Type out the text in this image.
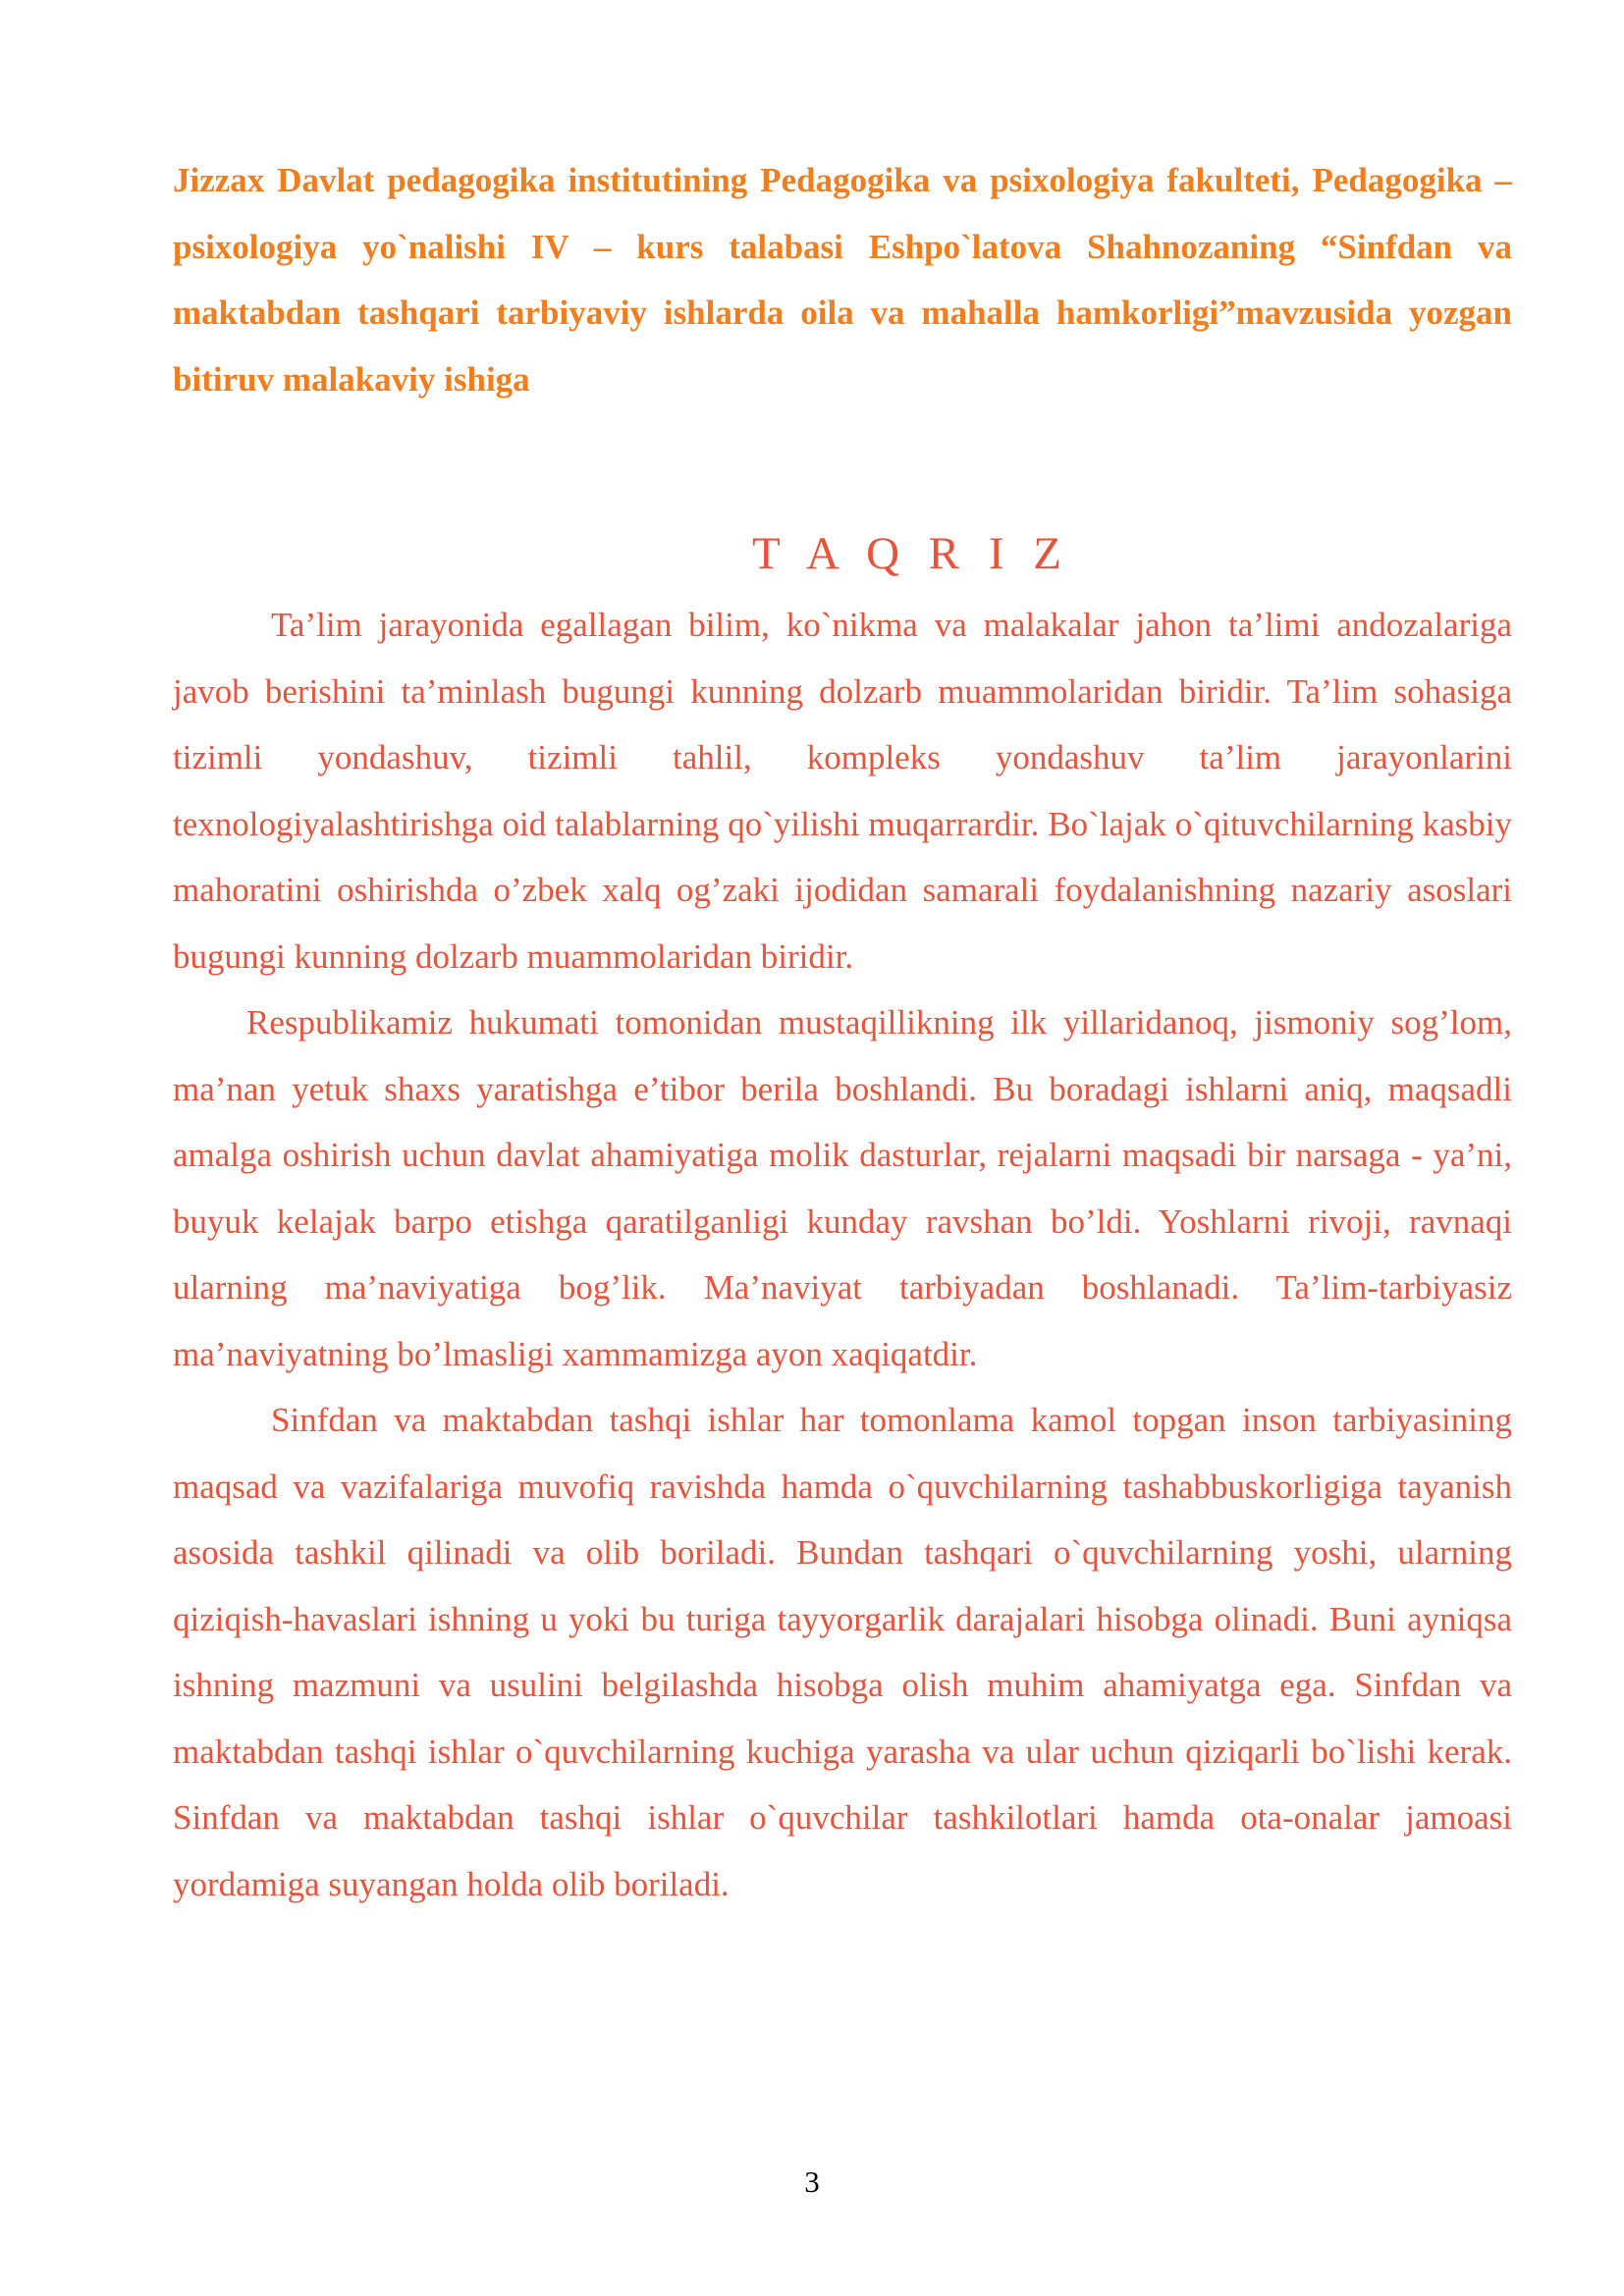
Jizzax Davlat pedagogika institutining Pedagogika va psixologiya fakulteti, Pedagogika – psixologiya yo`nalishi IV – kurs talabasi Eshpo`latova Shahnozaning “Sinfdan va maktabdan tashqari tarbiyaviy ishlarda oila va mahalla hamkorligi”mavzusida yozgan bitiruv malakaviy ishiga

T A Q R I Z

Ta’lim jarayonida egallagan bilim, ko`nikma va malakalar jahon ta’limi andozalariga javob berishini ta’minlash bugungi kunning dolzarb muammolaridan biridir. Ta’lim sohasiga tizimli yondashuv, tizimli tahlil, kompleks yondashuv ta’lim jarayonlarini texnologiyalashtirishga oid talablarning qo`yilishi muqarrardir. Bo`lajak o`qituvchilarning kasbiy mahoratini oshirishda o’zbek xalq og’zaki ijodidan samarali foydalanishning nazariy asoslari bugungi kunning dolzarb muammolaridan biridir.

Respublikamiz hukumati tomonidan mustaqillikning ilk yillaridanoq, jismoniy sog’lom, ma’nan yetuk shaxs yaratishga e’tibor berila boshlandi. Bu boradagi ishlarni aniq, maqsadli amalga oshirish uchun davlat ahamiyatiga molik dasturlar, rejalarni maqsadi bir narsaga - ya’ni, buyuk kelajak barpo etishga qaratilganligi kunday ravshan bo’ldi. Yoshlarni rivoji, ravnaqi ularning ma’naviyatiga bog’lik. Ma’naviyat tarbiyadan boshlanadi. Ta’lim-tarbiyasiz ma’naviyatning bo’lmasligi xammamizga ayon xaqiqatdir.

Sinfdan va maktabdan tashqi ishlar har tomonlama kamol topgan inson tarbiyasining maqsad va vazifalariga muvofiq ravishda hamda o`quvchilarning tashabbuskorligiga tayanish asosida tashkil qilinadi va olib boriladi. Bundan tashqari o`quvchilarning yoshi, ularning qiziqish-havaslari ishning u yoki bu turiga tayyorgarlik darajalari hisobga olinadi. Buni ayniqsa ishning mazmuni va usulini belgilashda hisobga olish muhim ahamiyatga ega. Sinfdan va maktabdan tashqi ishlar o`quvchilarning kuchiga yarasha va ular uchun qiziqarli bo`lishi kerak. Sinfdan va maktabdan tashqi ishlar o`quvchilar tashkilotlari hamda ota-onalar jamoasi yordamiga suyangan holda olib boriladi.

3
